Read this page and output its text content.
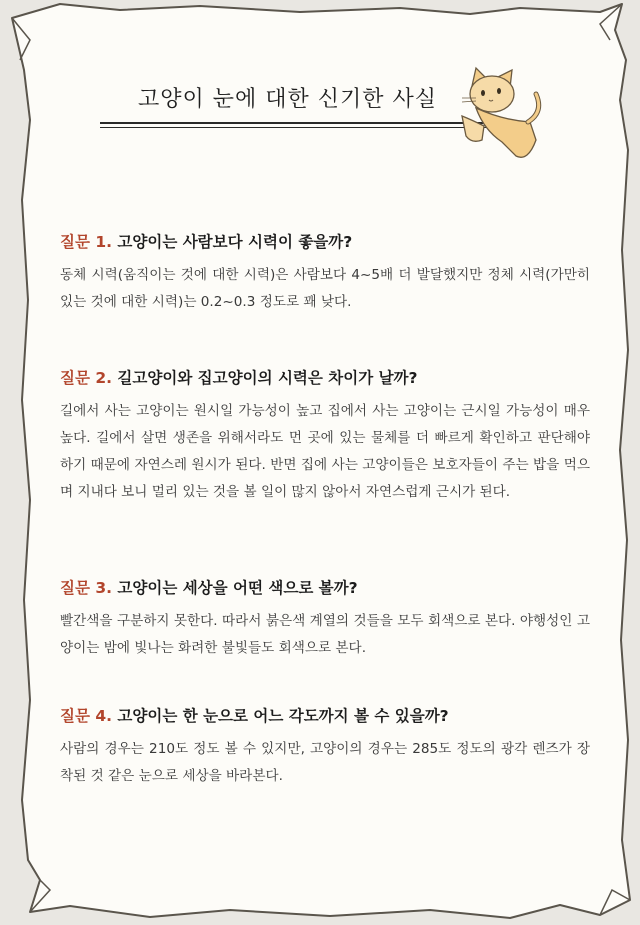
고양이 눈에 대한 신기한 사실

질문 1. 고양이는 사람보다 시력이 좋을까?

동체 시력(움직이는 것에 대한 시력)은 사람보다 4~5배 더 발달했지만 정체 시력(가만히 있는 것에 대한 시력)는 0.2~0.3 정도로 꽤 낮다.

질문 2. 길고양이와 집고양이의 시력은 차이가 날까?

길에서 사는 고양이는 원시일 가능성이 높고 집에서 사는 고양이는 근시일 가능성이 매우 높다. 길에서 살면 생존을 위해서라도 먼 곳에 있는 물체를 더 빠르게 확인하고 판단해야 하기 때문에 자연스레 원시가 된다. 반면 집에 사는 고양이들은 보호자들이 주는 밥을 먹으며 지내다 보니 멀리 있는 것을 볼 일이 많지 않아서 자연스럽게 근시가 된다.

질문 3. 고양이는 세상을 어떤 색으로 볼까?

빨간색을 구분하지 못한다. 따라서 붉은색 계열의 것들을 모두 회색으로 본다. 야행성인 고양이는 밤에 빛나는 화려한 불빛들도 회색으로 본다.

질문 4. 고양이는 한 눈으로 어느 각도까지 볼 수 있을까?

사람의 경우는 210도 정도 볼 수 있지만, 고양이의 경우는 285도 정도의 광각 렌즈가 장착된 것 같은 눈으로 세상을 바라본다.
